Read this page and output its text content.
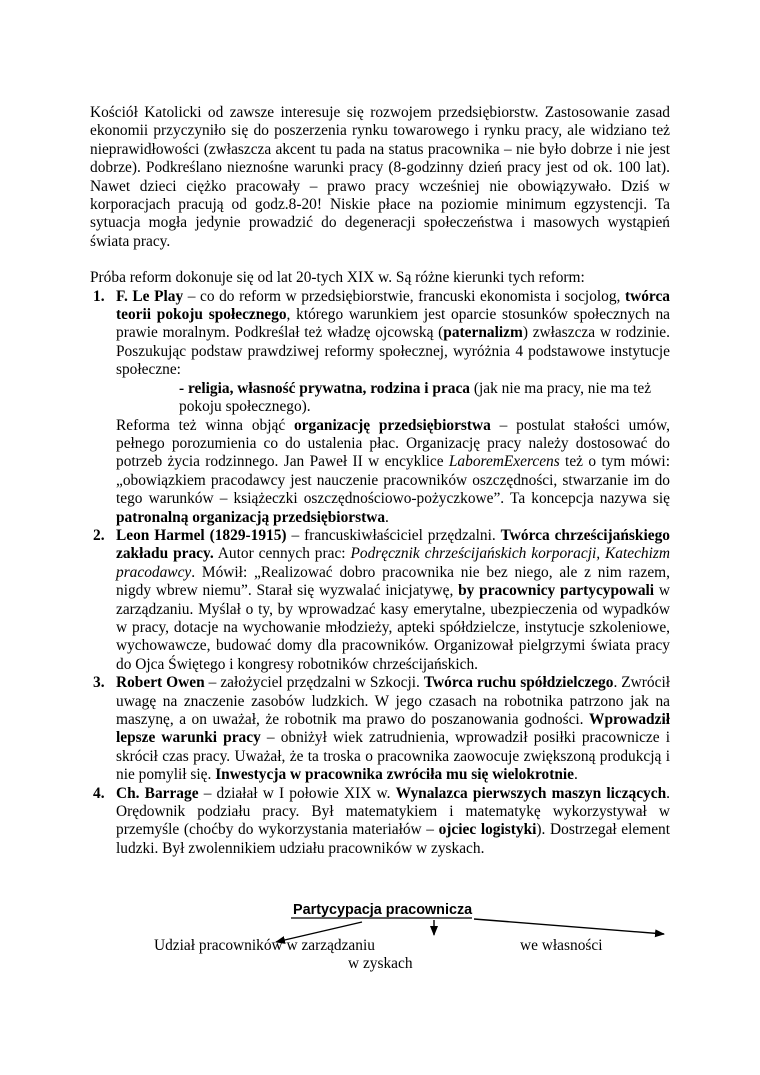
Kościół Katolicki od zawsze interesuje się rozwojem przedsiębiorstw. Zastosowanie zasad ekonomii przyczyniło się do poszerzenia rynku towarowego i rynku pracy, ale widziano też nieprawidłowości (zwłaszcza akcent tu pada na status pracownika – nie było dobrze i nie jest dobrze). Podkreślano nieznośne warunki pracy (8-godzinny dzień pracy jest od ok. 100 lat). Nawet dzieci ciężko pracowały – prawo pracy wcześniej nie obowiązywało. Dziś w korporacjach pracują od godz.8-20! Niskie płace na poziomie minimum egzystencji. Ta sytuacja mogła jedynie prowadzić do degeneracji społeczeństwa i masowych wystąpień świata pracy.

Próba reform dokonuje się od lat 20-tych XIX w. Są różne kierunki tych reform:

1. F. Le Play – co do reform w przedsiębiorstwie, francuski ekonomista i socjolog, twórca teorii pokoju społecznego, którego warunkiem jest oparcie stosunków społecznych na prawie moralnym. Podkreślał też władzę ojcowską (paternalizm) zwłaszcza w rodzinie. Poszukując podstaw prawdziwej reformy społecznej, wyróżnia 4 podstawowe instytucje społeczne:
- religia, własność prywatna, rodzina i praca (jak nie ma pracy, nie ma też pokoju społecznego).
Reforma też winna objąć organizację przedsiębiorstwa – postulat stałości umów, pełnego porozumienia co do ustalenia płac. Organizację pracy należy dostosować do potrzeb życia rodzinnego. Jan Paweł II w encyklice LaboremExercens też o tym mówi: „obowiązkiem pracodawcy jest nauczenie pracowników oszczędności, stwarzanie im do tego warunków – książeczki oszczędnościowo-pożyczkowe”. Ta koncepcja nazywa się patronalną organizacją przedsiębiorstwa.
2. Leon Harmel (1829-1915) – francuskiwłaściciel przędzalni. Twórca chrześcijańskiego zakładu pracy. Autor cennych prac: Podręcznik chrześcijańskich korporacji, Katechizm pracodawcy. Mówił: „Realizować dobro pracownika nie bez niego, ale z nim razem, nigdy wbrew niemu”. Starał się wyzwalać inicjatywę, by pracownicy partycypowali w zarządzaniu. Myślał o ty, by wprowadzać kasy emerytalne, ubezpieczenia od wypadków w pracy, dotacje na wychowanie młodzieży, apteki spółdzielcze, instytucje szkoleniowe, wychowawcze, budować domy dla pracowników. Organizował pielgrzymi świata pracy do Ojca Świętego i kongresy robotników chrześcijańskich.
3. Robert Owen – założyciel przędzalni w Szkocji. Twórca ruchu spółdzielczego. Zwrócił uwagę na znaczenie zasobów ludzkich. W jego czasach na robotnika patrzono jak na maszynę, a on uważał, że robotnik ma prawo do poszanowania godności. Wprowadził lepsze warunki pracy – obniżył wiek zatrudnienia, wprowadził posiłki pracownicze i skrócił czas pracy. Uważał, że ta troska o pracownika zaowocuje zwiększoną produkcją i nie pomylił się. Inwestycja w pracownika zwróciła mu się wielokrotnie.
4. Ch. Barrage – działał w I połowie XIX w. Wynalazca pierwszych maszyn liczących. Orędownik podziału pracy. Był matematykiem i matematykę wykorzystywał w przemyśle (choćby do wykorzystania materiałów – ojciec logistyki). Dostrzegał element ludzki. Był zwolennikiem udziału pracowników w zyskach.
Partycypacja pracownicza
Udział pracowników w zarządzaniu
w zyskach
we własności
